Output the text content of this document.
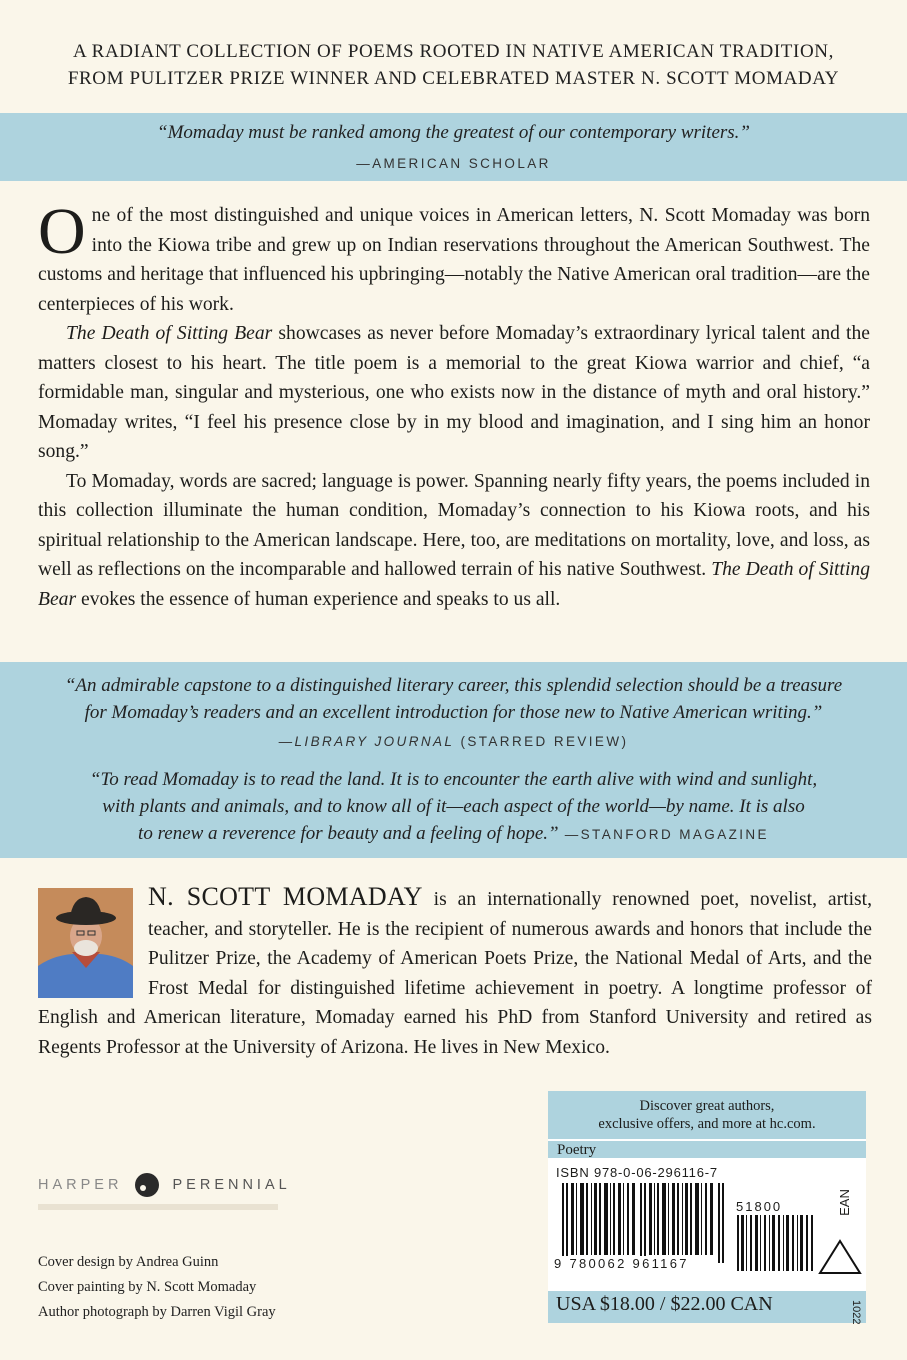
A RADIANT COLLECTION OF POEMS ROOTED IN NATIVE AMERICAN TRADITION,
FROM PULITZER PRIZE WINNER AND CELEBRATED MASTER N. SCOTT MOMADAY
“Momaday must be ranked among the greatest of our contemporary writers.”
—AMERICAN SCHOLAR

One of the most distinguished and unique voices in American letters, N. Scott Momaday was born into the Kiowa tribe and grew up on Indian reservations throughout the American Southwest. The customs and heritage that influenced his upbringing—notably the Native American oral tradition—are the centerpieces of his work.

The Death of Sitting Bear showcases as never before Momaday’s extraordinary lyrical talent and the matters closest to his heart. The title poem is a memorial to the great Kiowa warrior and chief, “a formidable man, singular and mysterious, one who exists now in the distance of myth and oral history.” Momaday writes, “I feel his presence close by in my blood and imagination, and I sing him an honor song.”

To Momaday, words are sacred; language is power. Spanning nearly fifty years, the poems included in this collection illuminate the human condition, Momaday’s connection to his Kiowa roots, and his spiritual relationship to the American landscape. Here, too, are meditations on mortality, love, and loss, as well as reflections on the incomparable and hallowed terrain of his native Southwest. The Death of Sitting Bear evokes the essence of human experience and speaks to us all.

“An admirable capstone to a distinguished literary career, this splendid selection should be a treasure
for Momaday’s readers and an excellent introduction for those new to Native American writing.”
—LIBRARY JOURNAL (STARRED REVIEW)
“To read Momaday is to read the land. It is to encounter the earth alive with wind and sunlight,
with plants and animals, and to know all of it—each aspect of the world—by name. It is also
to renew a reverence for beauty and a feeling of hope.” —STANFORD MAGAZINE
N. SCOTT MOMADAY is an internationally renowned poet, novelist, artist, teacher, and storyteller. He is the recipient of numerous awards and honors that include the Pulitzer Prize, the Academy of American Poets Prize, the National Medal of Arts, and the Frost Medal for distinguished lifetime achievement in poetry. A longtime professor of English and American literature, Momaday earned his PhD from Stanford University and retired as Regents Professor at the University of Arizona. He lives in New Mexico.
HARPER	PERENNIAL
Cover design by Andrea Guinn
Cover painting by N. Scott Momaday
Author photograph by Darren Vigil Gray
Discover great authors,
exclusive offers, and more at hc.com.
Poetry
ISBN 978-0-06-296116-7
9 780062 961167
51800	EAN
USA $18.00 / $22.00 CAN	1022
